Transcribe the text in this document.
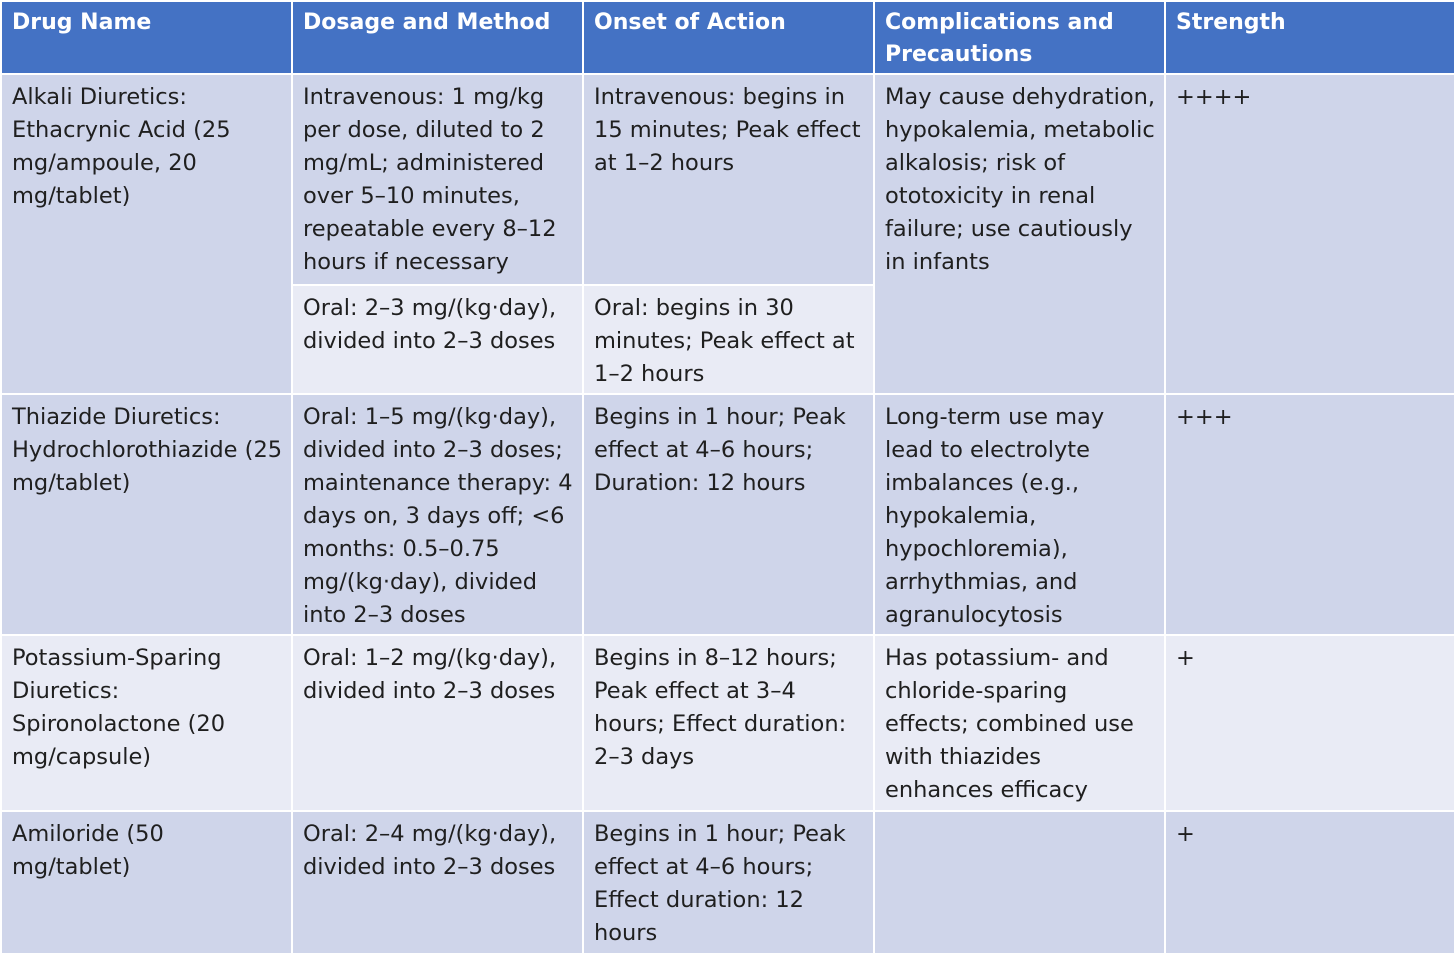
Drug Name	Dosage and Method	Onset of Action	Complications and Precautions	Strength
Alkali Diuretics: Ethacrynic Acid (25 mg/ampoule, 20 mg/tablet)	Intravenous: 1 mg/kg per dose, diluted to 2 mg/mL; administered over 5–10 minutes, repeatable every 8–12 hours if necessary	Intravenous: begins in 15 minutes; Peak effect at 1–2 hours	May cause dehydration, hypokalemia, metabolic alkalosis; risk of ototoxicity in renal failure; use cautiously in infants	++++
	Oral: 2–3 mg/(kg·day), divided into 2–3 doses	Oral: begins in 30 minutes; Peak effect at 1–2 hours		
Thiazide Diuretics: Hydrochlorothiazide (25 mg/tablet)	Oral: 1–5 mg/(kg·day), divided into 2–3 doses; maintenance therapy: 4 days on, 3 days off; <6 months: 0.5–0.75 mg/(kg·day), divided into 2–3 doses	Begins in 1 hour; Peak effect at 4–6 hours; Duration: 12 hours	Long-term use may lead to electrolyte imbalances (e.g., hypokalemia, hypochloremia), arrhythmias, and agranulocytosis	+++
Potassium-Sparing Diuretics: Spironolactone (20 mg/capsule)	Oral: 1–2 mg/(kg·day), divided into 2–3 doses	Begins in 8–12 hours; Peak effect at 3–4 hours; Effect duration: 2–3 days	Has potassium- and chloride-sparing effects; combined use with thiazides enhances efficacy	+
Amiloride (50 mg/tablet)	Oral: 2–4 mg/(kg·day), divided into 2–3 doses	Begins in 1 hour; Peak effect at 4–6 hours; Effect duration: 12 hours		+
